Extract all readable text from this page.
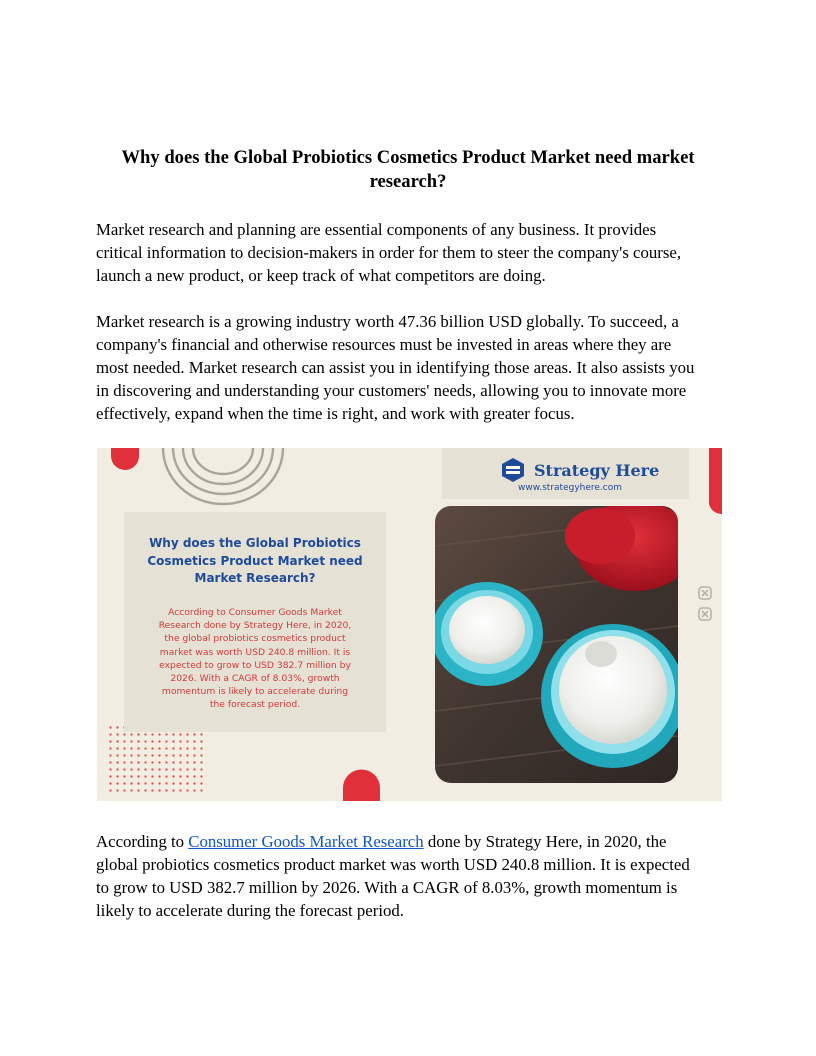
Why does the Global Probiotics Cosmetics Product Market need market research?
Market research and planning are essential components of any business. It provides
critical information to decision-makers in order for them to steer the company's course,
launch a new product, or keep track of what competitors are doing.
Market research is a growing industry worth 47.36 billion USD globally. To succeed, a
company's financial and otherwise resources must be invested in areas where they are
most needed. Market research can assist you in identifying those areas. It also assists you
in discovering and understanding your customers' needs, allowing you to innovate more
effectively, expand when the time is right, and work with greater focus.
Why does the Global Probiotics
Cosmetics Product Market need
Market Research?
According to Consumer Goods Market
Research done by Strategy Here, in 2020,
the global probiotics cosmetics product
market was worth USD 240.8 million. It is
expected to grow to USD 382.7 million by
2026. With a CAGR of 8.03%, growth
momentum is likely to accelerate during
the forecast period.
Strategy Here
www.strategyhere.com
According to Consumer Goods Market Research done by Strategy Here, in 2020, the
global probiotics cosmetics product market was worth USD 240.8 million. It is expected
to grow to USD 382.7 million by 2026. With a CAGR of 8.03%, growth momentum is
likely to accelerate during the forecast period.
